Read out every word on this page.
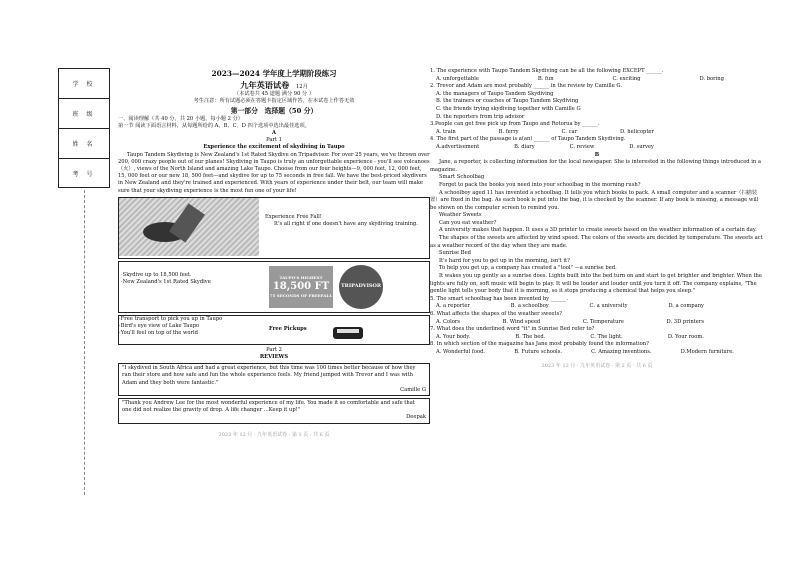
学 校
班 级
姓 名
考 号

2023—2024 学年度上学期阶段练习

九年英语试卷 12月

（本试卷共 45 道题 满分 90 分 ）

考生注意：所有试题必须在答题卡指定区域作答，在本试卷上作答无效

第一部分　选择题（50 分）

一、阅读理解（共 40 分，共 20 小题，每小题 2 分）

第一节 阅读下面语言材料，从每题所给的 A、B、C、D 四个选项中选出最佳选项。

A

Part 1

Experience the excitement of skydiving in Taupo

Taupo Tandem Skydiving is New Zealand's 1st Rated Skydive on Tripadvisor. For over 25 years, we've thrown over 200, 000 crazy people out of our planes! Skydiving in Taupo is truly an unforgettable experience - you'll see volcanoes（火）, views of the North Island and amazing Lake Taupo. Choose from our four heights—9, 000 feet, 12, 000 feet, 15, 000 feet or our new 18, 500 feet—and skydive for up to 75 seconds in free fall. We have the best-priced skydivers in New Zealand and they're trained and experienced. With years of experience under their belt, our team will make sure that your skydiving experience is the most fun one of your life!

Experience Free Fall!

It's all right if one doesn't have any skydiving training.

·Skydive up to 18,500 feet.

·New Zealand's 1st Rated Skydive

TAUPO'S HIGHEST
18,500 FT
75 SECONDS OF FREEFALL
TRIPADVISOR

·Free transport to pick you up in Taupo

·Bird's eye view of Lake Taupo

·You'll feel on top of the world

Free Pickups

Part 2

REVIEWS

"I skydived in South Africa and had a great experience, but this time was 100 times better because of how they ran their store and how safe and fun the whole experience feels. My friend jumped with Trevor and I was with Adam and they both were fantastic."

Camille G

"Thank you Andrew Lee for the most wonderful experience of my life. You made it so comfortable and safe that one did not realize the gravity of drop. A life changer ...Keep it up!"

Deepak

2023 年 12 月 · 九年英语试卷 · 第 1 页 · 共 6 页

1. The experience with Taupo Tandem Skydiving can be all the following EXCEPT ______.

A. unforgettable	B. fun	C. exciting	D. boring

2. Trevor and Adam are most probably ______ in the review by Camille G.

A. the managers of Taupo Tandem Skydiving

B. the trainers or coaches of Taupo Tandem Skydiving

C. the friends trying skydiving together with Camille G

D. the reporters from trip advisor

3.People can get free pick up from Taupo and Rotorua by ______.

A. train	B. ferry	C. car	D. helicopter

4. The first part of the passage is a(an) ______ of Taupo Tandem Skydiving.

A.advertisement	B. diary	C. review	D. survey

B

Jane, a reporter, is collecting information for the local newspaper. She is interested in the following things introduced in a magazine.

Smart Schoolbag

Forget to pack the books you need into your schoolbag in the morning rush?

A schoolboy aged 11 has invented a schoolbag. It tells you which books to pack. A small computer and a scanner（扫描装置）are fixed in the bag. As each book is put into the bag, it is checked by the scanner. If any book is missing, a message will be shown on the computer screen to remind you.

Weather Sweets

Can you eat weather?

A university makes that happen. It uses a 3D printer to create sweets based on the weather information of a certain day.

The shapes of the sweets are affected by wind speed. The colors of the sweets are decided by temperature. The sweets act as a weather record of the day when they are made.

Sunrise Bed

It's hard for you to get up in the morning, isn't it?

To help you get up, a company has created a "tool" —a sunrise bed.

It wakes you up gently as a sunrise does. Lights built into the bed turn on and start to get brighter and brighter. When the lights are fully on, soft music will begin to play. It will be louder and louder until you turn it off. The company explains, "The gentle light tells your body that it is morning, so it stops producing a chemical that helps you sleep."

5. The smart schoolbag has been invented by ______.

A. a reporter	B. a schoolboy	C. a university	D. a company

6. What affects the shapes of the weather sweets?

A. Colors	B. Wind speed	C. Temperature	D. 3D printers

7. What does the underlined word "it" in Sunrise Bed refer to?

A. Your body.	B. The bed.	C. The light.	D. Your room.

8. In which section of the magazine has Jane most probably found the information?

A. Wonderful food.	B. Future schools.	C. Amazing inventions.	D.Modern furniture.

2023 年 12 月 · 九年英语试卷 · 第 2 页 · 共 6 页
